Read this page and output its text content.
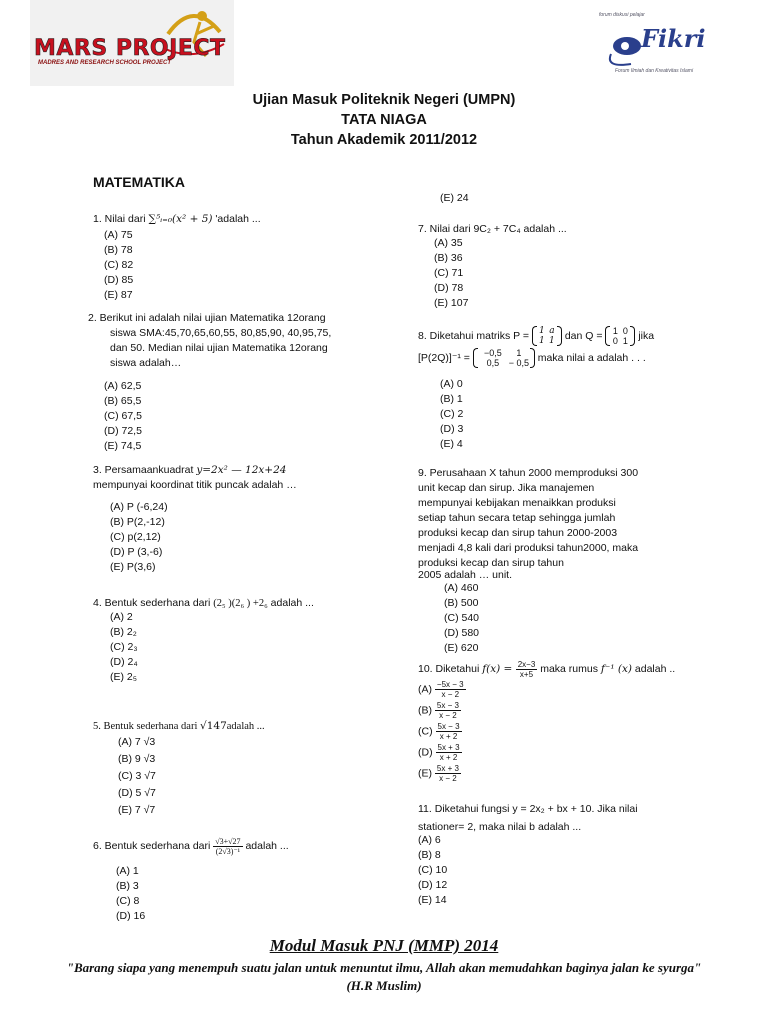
MARS PROJECT
MADRES AND RESEARCH SCHOOL PROJECT
forum diskusi pelajar
Fikri
Forum Ilmiah dan Kreativitas Islami
Ujian Masuk Politeknik Negeri (UMPN)
TATA NIAGA
Tahun Akademik 2011/2012
MATEMATIKA
1. Nilai dari ∑⁵ᵢ₌₀(x² + 5) 'adalah ...
(A) 75
(B) 78
(C) 82
(D) 85
(E) 87
2. Berikut ini adalah nilai ujian Matematika 12orang
siswa SMA:45,70,65,60,55, 80,85,90, 40,95,75,
dan 50. Median nilai ujian Matematika 12orang
siswa adalah…
(A) 62,5
(B) 65,5
(C) 67,5
(D) 72,5
(E) 74,5
3. Persamaankuadrat y=2x² — 12x+24
mempunyai koordinat titik puncak adalah …
(A) P (-6,24)
(B) P(2,-12)
(C) p(2,12)
(D) P (3,-6)
(E) P(3,6)
4. Bentuk sederhana dari (2₅ )(2₆ ) +2₆ adalah ...
(A) 2
(B) 2₂
(C) 2₃
(D) 2₄
(E) 2₅
5. Bentuk sederhana dari √147adalah ...
(A) 7 √3
(B) 9 √3
(C) 3 √7
(D) 5 √7
(E) 7 √7
6. Bentuk sederhana dari $\frac{√3+√27}{\text{(2√3)⁻¹}}$ adalah ...
(A) 1
(B) 3
(C) 8
(D) 16
(E) 24
7. Nilai dari 9C₂ + 7C₄ adalah ...
(A) 35
(B) 36
(C) 71
(D) 78
(E) 107
8. Diketahui matriks P = 1 a
1 1 dan Q = 1 0
0 1 jika
[P(2Q)]⁻¹ = −0,5 1
0,5 − 0,5 maka nilai a adalah . . .
(A) 0
(B) 1
(C) 2
(D) 3
(E) 4
9. Perusahaan X tahun 2000 memproduksi 300
unit kecap dan sirup. Jika manajemen
mempunyai kebijakan menaikkan produksi
setiap tahun secara tetap sehingga jumlah
produksi kecap dan sirup tahun 2000-2003
menjadi 4,8 kali dari produksi tahun2000, maka
produksi kecap dan sirup tahun
2005 adalah … unit.
(A) 460
(B) 500
(C) 540
(D) 580
(E) 620
10. Diketahui $f(x) = \frac{2x-3}{x+5}$ maka rumus f⁻¹ (x) adalah ..
$(A) \frac{-5x - 3}{x - 2}$
$(B) \frac{5x - 3}{x - 2}$
$(C) \frac{5x - 3}{x + 2}$
$(D) \frac{5x + 3}{x + 2}$
$(E) \frac{5x + 3}{x - 2}$
11. Diketahui fungsi y = 2x₂ + bx + 10. Jika nilai
stationer= 2, maka nilai b adalah ...
(A) 6
(B) 8
(C) 10
(D) 12
(E) 14
Modul Masuk PNJ (MMP) 2014
"Barang siapa yang menempuh suatu jalan untuk menuntut ilmu, Allah akan memudahkan baginya jalan ke syurga"
(H.R Muslim)
